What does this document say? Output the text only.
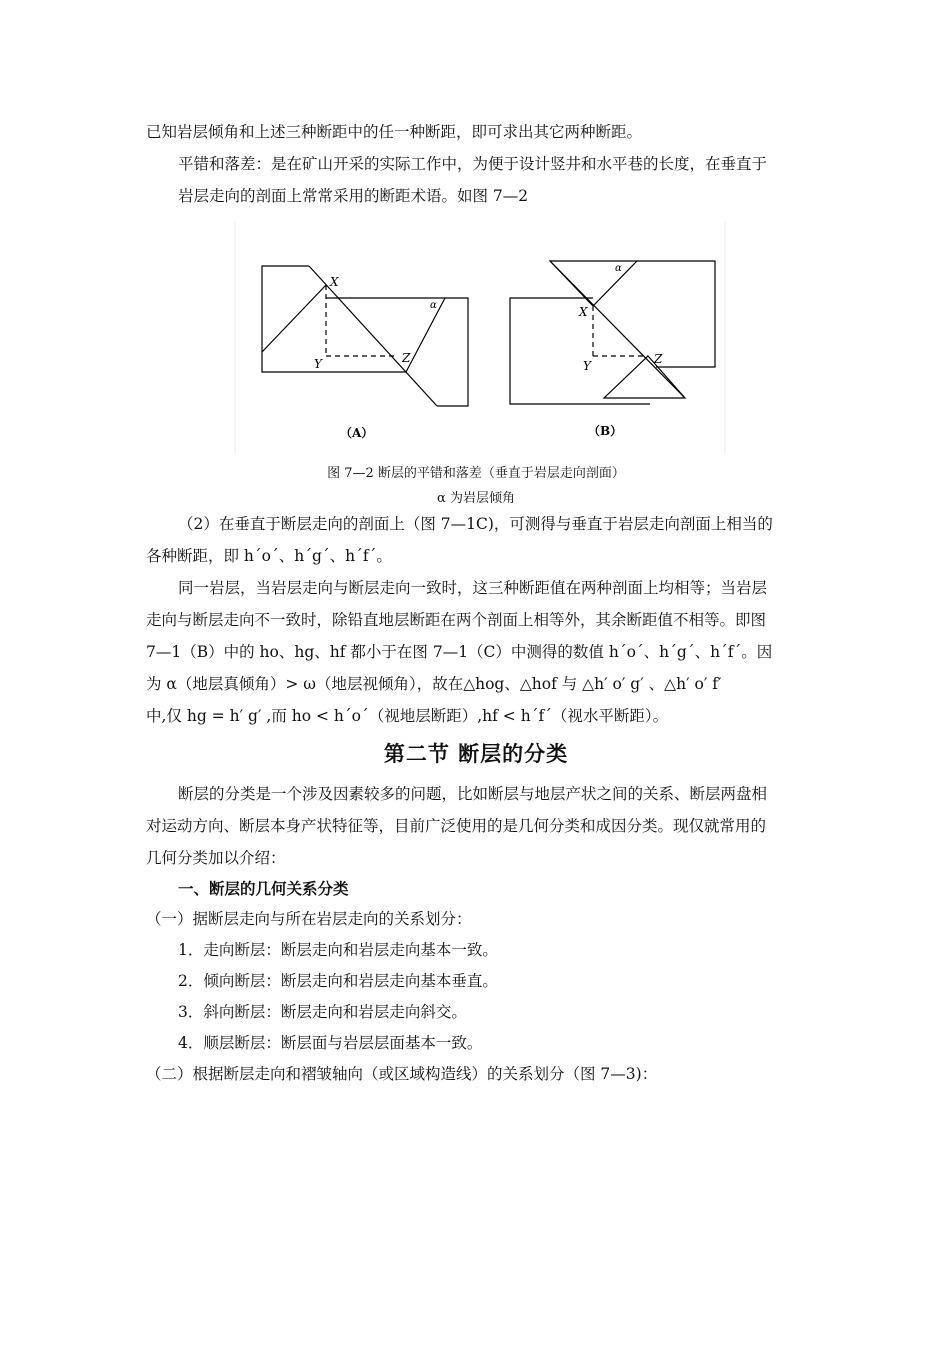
已知岩层倾角和上述三种断距中的任一种断距，即可求出其它两种断距。
平错和落差：是在矿山开采的实际工作中，为便于设计竖井和水平巷的长度，在垂直于
岩层走向的剖面上常常采用的断距术语。如图 7—2
X
Y	Z
α
（A）
X
Y	Z
α
（B）
图 7—2 断层的平错和落差（垂直于岩层走向剖面）
α 为岩层倾角
（2）在垂直于断层走向的剖面上（图 7—1C)，可测得与垂直于岩层走向剖面上相当的
各种断距，即 h´o´、h´g´、h´f´。
同一岩层，当岩层走向与断层走向一致时，这三种断距值在两种剖面上均相等；当岩层
走向与断层走向不一致时，除铅直地层断距在两个剖面上相等外，其余断距值不相等。即图
7—1（B）中的 ho、hg、hf 都小于在图 7—1（C）中测得的数值 h´o´、h´g´、h´f´。因
为 α（地层真倾角）> ω（地层视倾角），故在△hog、△hof 与 △h′ o′ g′ 、△h′ o′ f′
中,仅 hg = h′ g′ ,而 ho < h´o´（视地层断距）,hf < h´f´（视水平断距）。
第二节 断层的分类
断层的分类是一个涉及因素较多的问题，比如断层与地层产状之间的关系、断层两盘相
对运动方向、断层本身产状特征等，目前广泛使用的是几何分类和成因分类。现仅就常用的
几何分类加以介绍：
一、断层的几何关系分类
（一）据断层走向与所在岩层走向的关系划分：
1．走向断层：断层走向和岩层走向基本一致。
2．倾向断层：断层走向和岩层走向基本垂直。
3．斜向断层：断层走向和岩层走向斜交。
4．顺层断层：断层面与岩层层面基本一致。
（二）根据断层走向和褶皱轴向（或区域构造线）的关系划分（图 7—3)：
